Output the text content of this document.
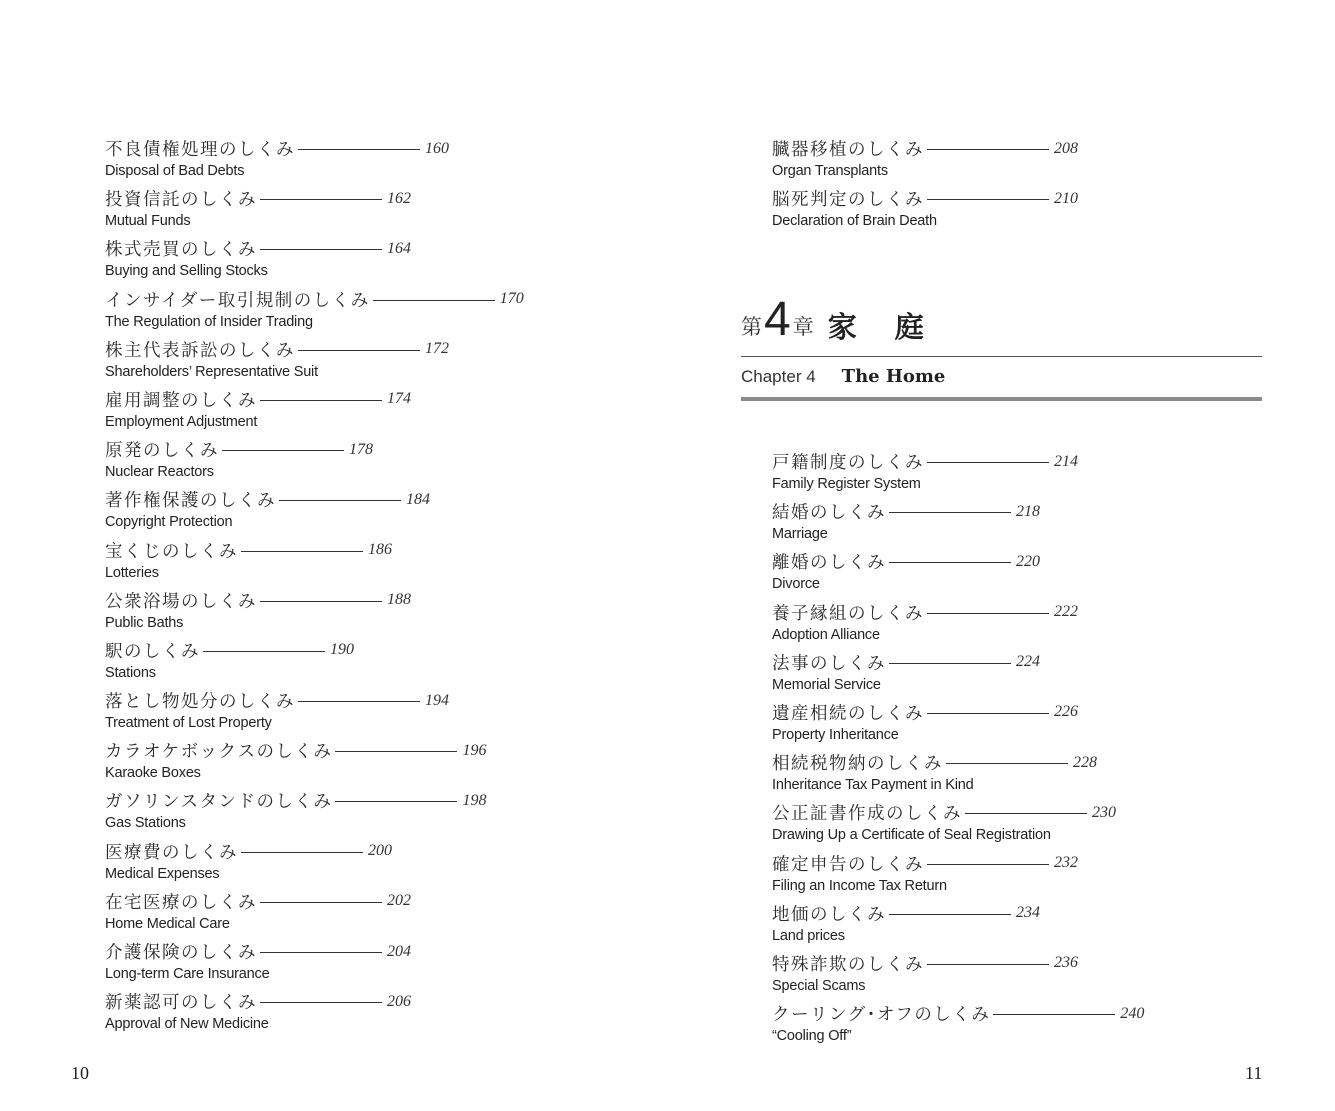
不良債権処理のしくみ	160
Disposal of Bad Debts
投資信託のしくみ	162
Mutual Funds
株式売買のしくみ	164
Buying and Selling Stocks
インサイダー取引規制のしくみ	170
The Regulation of Insider Trading
株主代表訴訟のしくみ	172
Shareholders’ Representative Suit
雇用調整のしくみ	174
Employment Adjustment
原発のしくみ	178
Nuclear Reactors
著作権保護のしくみ	184
Copyright Protection
宝くじのしくみ	186
Lotteries
公衆浴場のしくみ	188
Public Baths
駅のしくみ	190
Stations
落とし物処分のしくみ	194
Treatment of Lost Property
カラオケボックスのしくみ	196
Karaoke Boxes
ガソリンスタンドのしくみ	198
Gas Stations
医療費のしくみ	200
Medical Expenses
在宅医療のしくみ	202
Home Medical Care
介護保険のしくみ	204
Long-term Care Insurance
新薬認可のしくみ	206
Approval of New Medicine
臓器移植のしくみ	208
Organ Transplants
脳死判定のしくみ	210
Declaration of Brain Death
第 4 章 家 庭
Chapter 4 The Home
戸籍制度のしくみ	214
Family Register System
結婚のしくみ	218
Marriage
離婚のしくみ	220
Divorce
養子縁組のしくみ	222
Adoption Alliance
法事のしくみ	224
Memorial Service
遺産相続のしくみ	226
Property Inheritance
相続税物納のしくみ	228
Inheritance Tax Payment in Kind
公正証書作成のしくみ	230
Drawing Up a Certificate of Seal Registration
確定申告のしくみ	232
Filing an Income Tax Return
地価のしくみ	234
Land prices
特殊詐欺のしくみ	236
Special Scams
クーリング･オフのしくみ	240
“Cooling Off”
10	11
